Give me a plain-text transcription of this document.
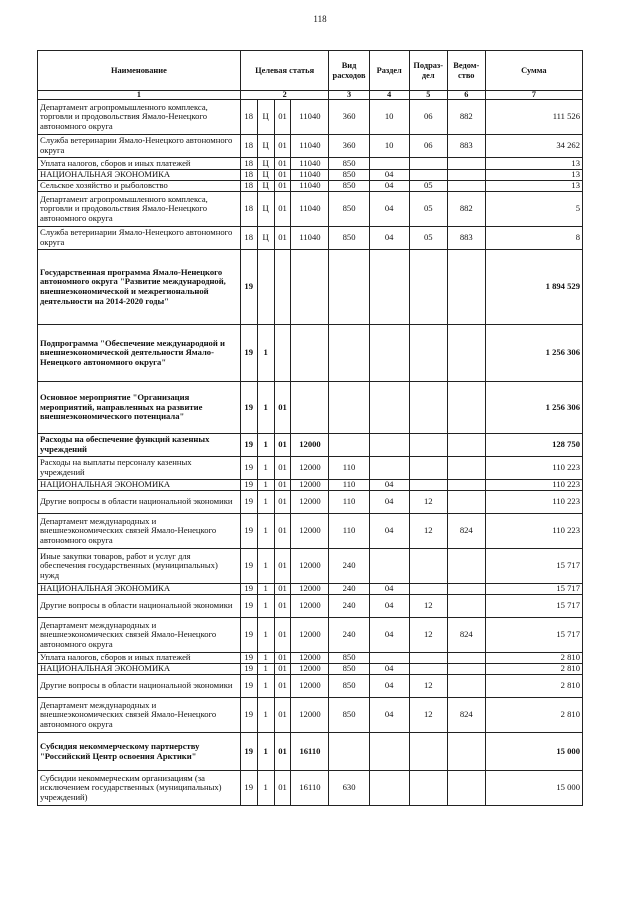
118
Наименование	Целевая статья				Вид расходов	Раздел	Подраз-дел	Ведом-ство	Сумма
1	2				3	4	5	6	7
Департамент агропромышленного комплекса, торговли и продовольствия Ямало-Ненецкого автономного округа	18	Ц	01	11040	360	10	06	882	111 526
Служба ветеринарии Ямало-Ненецкого автономного округа	18	Ц	01	11040	360	10	06	883	34 262
Уплата налогов, сборов и иных платежей	18	Ц	01	11040	850				13
НАЦИОНАЛЬНАЯ ЭКОНОМИКА	18	Ц	01	11040	850	04			13
Сельское хозяйство и рыболовство	18	Ц	01	11040	850	04	05		13
Департамент агропромышленного комплекса, торговли и продовольствия Ямало-Ненецкого автономного округа	18	Ц	01	11040	850	04	05	882	5
Служба ветеринарии Ямало-Ненецкого автономного округа	18	Ц	01	11040	850	04	05	883	8
Государственная программа Ямало-Ненецкого автономного округа "Развитие международной, внешнеэкономической и межрегиональной деятельности на 2014-2020 годы"	19								1 894 529
Подпрограмма "Обеспечение международной и внешнеэкономической деятельности Ямало-Ненецкого автономного округа"	19	1							1 256 306
Основное мероприятие "Организация мероприятий, направленных на развитие внешнеэкономического потенциала"	19	1	01						1 256 306
Расходы на обеспечение функций казенных учреждений	19	1	01	12000					128 750
Расходы на выплаты персоналу казенных учреждений	19	1	01	12000	110				110 223
НАЦИОНАЛЬНАЯ ЭКОНОМИКА	19	1	01	12000	110	04			110 223
Другие вопросы в области национальной экономики	19	1	01	12000	110	04	12		110 223
Департамент международных и внешнеэкономических связей Ямало-Ненецкого автономного округа	19	1	01	12000	110	04	12	824	110 223
Иные закупки товаров, работ и услуг для обеспечения государственных (муниципальных) нужд	19	1	01	12000	240				15 717
НАЦИОНАЛЬНАЯ ЭКОНОМИКА	19	1	01	12000	240	04			15 717
Другие вопросы в области национальной экономики	19	1	01	12000	240	04	12		15 717
Департамент международных и внешнеэкономических связей Ямало-Ненецкого автономного округа	19	1	01	12000	240	04	12	824	15 717
Уплата налогов, сборов и иных платежей	19	1	01	12000	850				2 810
НАЦИОНАЛЬНАЯ ЭКОНОМИКА	19	1	01	12000	850	04			2 810
Другие вопросы в области национальной экономики	19	1	01	12000	850	04	12		2 810
Департамент международных и внешнеэкономических связей Ямало-Ненецкого автономного округа	19	1	01	12000	850	04	12	824	2 810
Субсидия некоммерческому партнерству "Российский Центр освоения Арктики"	19	1	01	16110					15 000
Субсидии некоммерческим организациям (за исключением государственных (муниципальных) учреждений)	19	1	01	16110	630				15 000
